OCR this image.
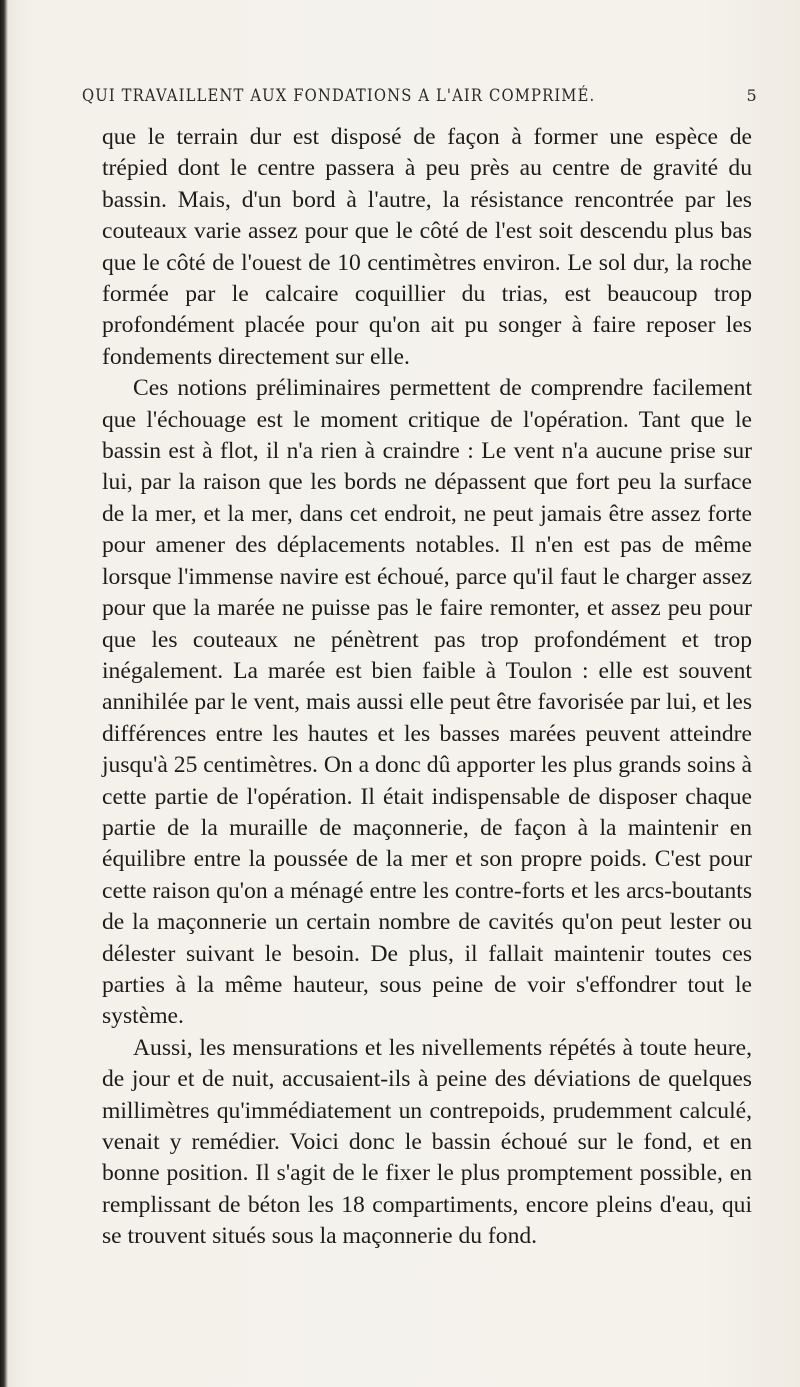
QUI TRAVAILLENT AUX FONDATIONS A L'AIR COMPRIMÉ.	5

que le terrain dur est disposé de façon à former une espèce de trépied dont le centre passera à peu près au centre de gravité du bassin. Mais, d'un bord à l'autre, la résistance rencontrée par les couteaux varie assez pour que le côté de l'est soit descendu plus bas que le côté de l'ouest de 10 centimètres environ. Le sol dur, la roche formée par le calcaire coquillier du trias, est beaucoup trop profondément placée pour qu'on ait pu songer à faire reposer les fondements directement sur elle.

Ces notions préliminaires permettent de comprendre facilement que l'échouage est le moment critique de l'opération. Tant que le bassin est à flot, il n'a rien à craindre : Le vent n'a aucune prise sur lui, par la raison que les bords ne dépassent que fort peu la surface de la mer, et la mer, dans cet endroit, ne peut jamais être assez forte pour amener des déplacements notables. Il n'en est pas de même lorsque l'immense navire est échoué, parce qu'il faut le charger assez pour que la marée ne puisse pas le faire remonter, et assez peu pour que les couteaux ne pénètrent pas trop profondément et trop inégalement. La marée est bien faible à Toulon : elle est souvent annihilée par le vent, mais aussi elle peut être favorisée par lui, et les différences entre les hautes et les basses marées peuvent atteindre jusqu'à 25 centimètres. On a donc dû apporter les plus grands soins à cette partie de l'opération. Il était indispensable de disposer chaque partie de la muraille de maçonnerie, de façon à la maintenir en équilibre entre la poussée de la mer et son propre poids. C'est pour cette raison qu'on a ménagé entre les contre-forts et les arcs-boutants de la maçonnerie un certain nombre de cavités qu'on peut lester ou délester suivant le besoin. De plus, il fallait maintenir toutes ces parties à la même hauteur, sous peine de voir s'effondrer tout le système.

Aussi, les mensurations et les nivellements répétés à toute heure, de jour et de nuit, accusaient-ils à peine des déviations de quelques millimètres qu'immédiatement un contrepoids, prudemment calculé, venait y remédier. Voici donc le bassin échoué sur le fond, et en bonne position. Il s'agit de le fixer le plus promptement possible, en remplissant de béton les 18 compartiments, encore pleins d'eau, qui se trouvent situés sous la maçonnerie du fond.
